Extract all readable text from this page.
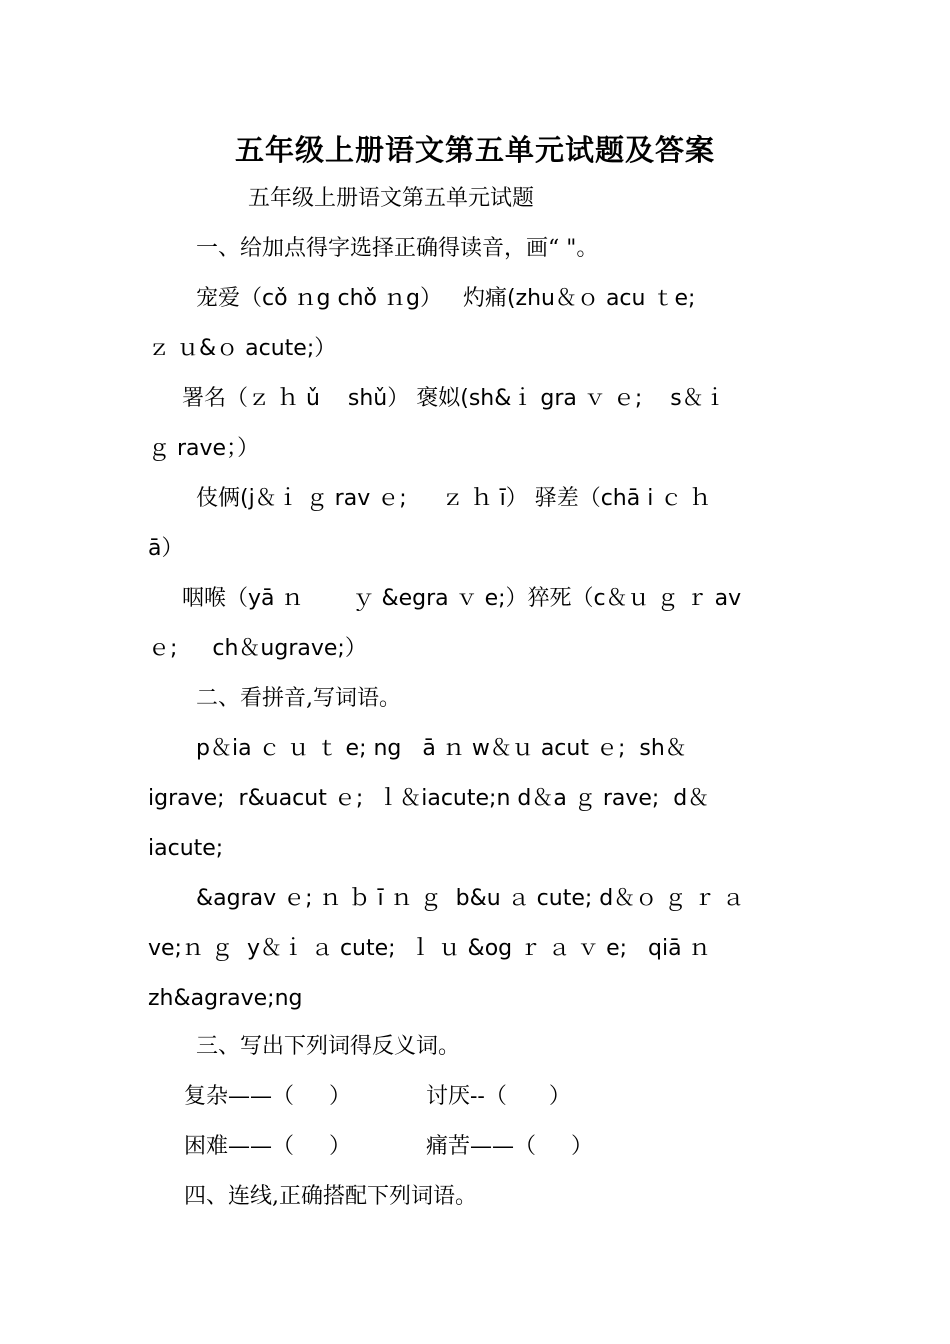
五年级上册语文第五单元试题及答案
五年级上册语文第五单元试题
一、给加点得字选择正确得读音，画“ "。
宠爱（cǒ ｎg chǒ ｎg）   灼痛(zhu＆ｏ acu ｔe;
ｚ ｕ&ｏ acute;）
署名（ｚ ｈ ǔ    shǔ） 褒姒(sh&ｉ gra ｖ ｅ;    s＆ｉ
ｇ rave；）
伎俩(j＆ｉ ｇ rav ｅ;     ｚ ｈ ī） 驿差（chā i ｃ ｈ
ā）
咽喉（yā ｎ       ｙ &egra ｖ e;）猝死（c＆ｕ ｇ ｒ av
ｅ;     ch＆ugrave;）
二、看拼音,写词语。
p＆ia ｃ ｕ ｔ e; ng   ā ｎ w＆ｕ acut ｅ;  sh＆
igrave;  r&uacut ｅ;  ｌ＆iacute;n d＆a ｇ rave;  d＆
iacute;
&agrav ｅ; ｎ ｂ ī ｎ ｇ  b&u ａ cute; d＆ｏ ｇ ｒ ａ
ve;ｎ ｇ  y＆ｉ ａ cute;  ｌ ｕ &og ｒ ａ ｖ e;   qiā ｎ
zh&agrave;ng
三、写出下列词得反义词。
复杂——（     ）	讨厌--（      ）
困难——（     ）	痛苦——（     ）
四、连线,正确搭配下列词语。
